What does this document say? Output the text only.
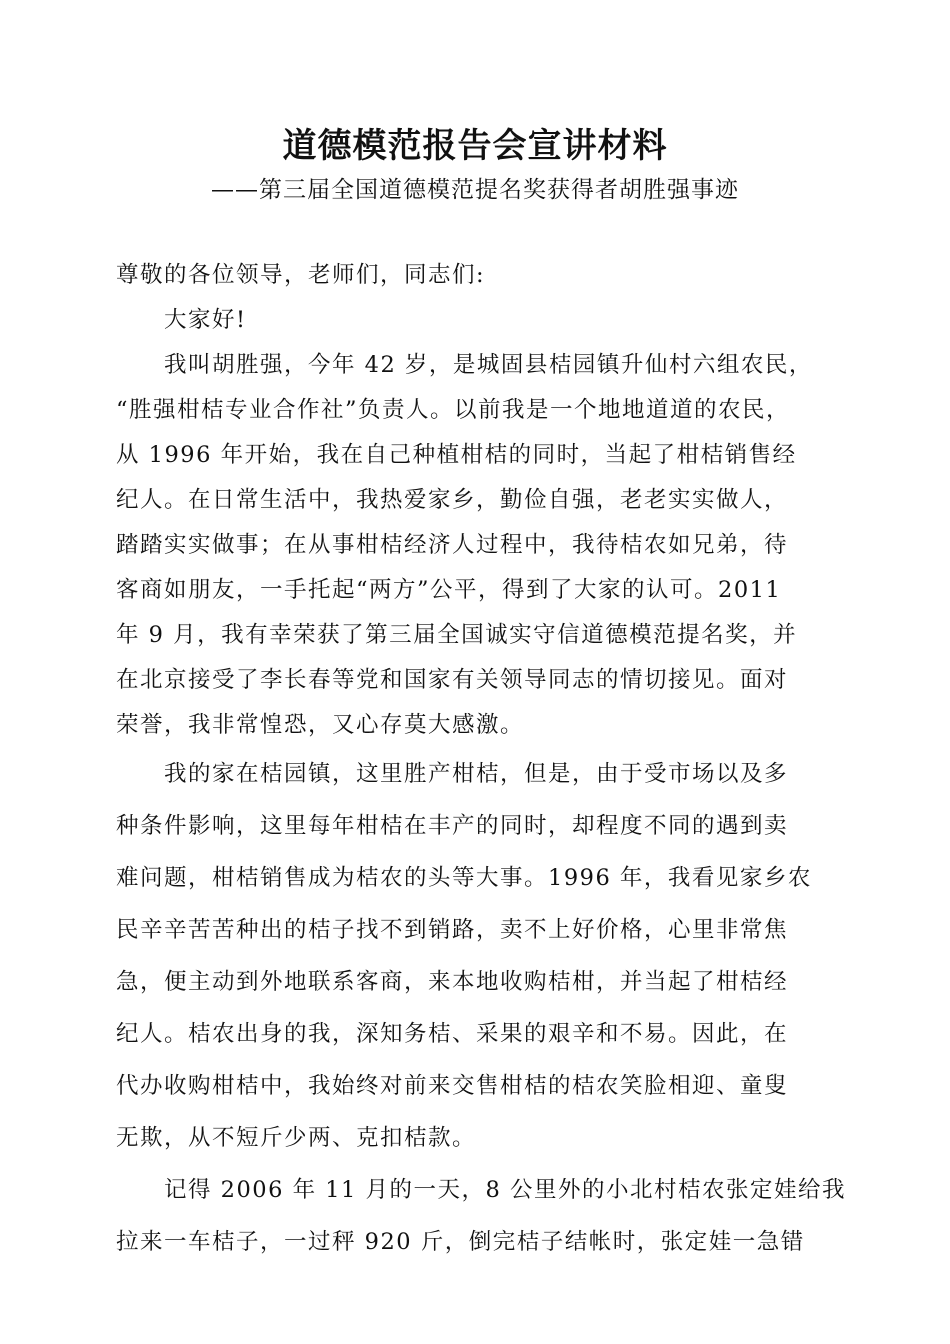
道德模范报告会宣讲材料
——第三届全国道德模范提名奖获得者胡胜强事迹
尊敬的各位领导，老师们，同志们:
大家好!
我叫胡胜强，今年 42 岁，是城固县桔园镇升仙村六组农民，
“胜强柑桔专业合作社”负责人。以前我是一个地地道道的农民，
从 1996 年开始，我在自己种植柑桔的同时，当起了柑桔销售经
纪人。在日常生活中，我热爱家乡，勤俭自强，老老实实做人，
踏踏实实做事；在从事柑桔经济人过程中，我待桔农如兄弟，待
客商如朋友，一手托起“两方”公平，得到了大家的认可。2011
年 9 月，我有幸荣获了第三届全国诚实守信道德模范提名奖，并
在北京接受了李长春等党和国家有关领导同志的情切接见。面对
荣誉，我非常惶恐，又心存莫大感激。
我的家在桔园镇，这里胜产柑桔，但是，由于受市场以及多
种条件影响，这里每年柑桔在丰产的同时，却程度不同的遇到卖
难问题，柑桔销售成为桔农的头等大事。1996 年，我看见家乡农
民辛辛苦苦种出的桔子找不到销路，卖不上好价格，心里非常焦
急，便主动到外地联系客商，来本地收购桔柑，并当起了柑桔经
纪人。桔农出身的我，深知务桔、采果的艰辛和不易。因此，在
代办收购柑桔中，我始终对前来交售柑桔的桔农笑脸相迎、童叟
无欺，从不短斤少两、克扣桔款。
记得 2006 年 11 月的一天，8 公里外的小北村桔农张定娃给我
拉来一车桔子，一过秤 920 斤，倒完桔子结帐时，张定娃一急错
